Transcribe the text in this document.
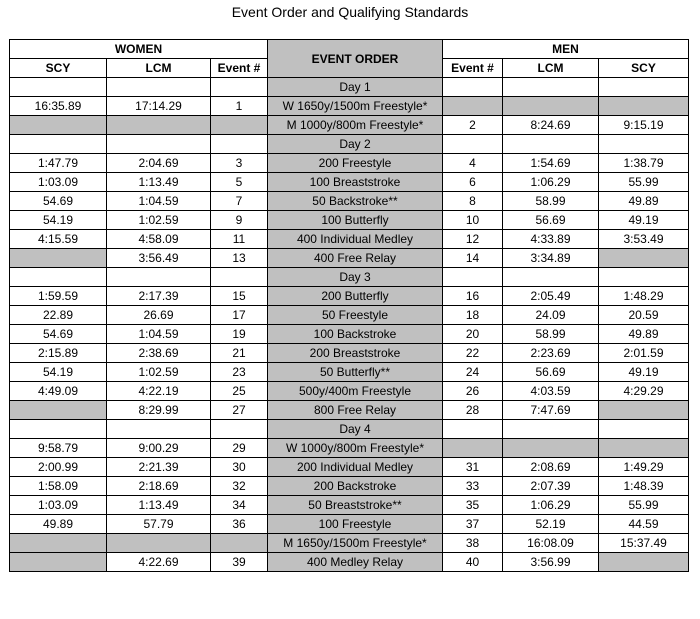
Event Order and Qualifying Standards
WOMEN			EVENT ORDER	MEN		
SCY	LCM	Event #		Event #	LCM	SCY
			Day 1			
16:35.89	17:14.29	1	W 1650y/1500m Freestyle*			
			M 1000y/800m Freestyle*	2	8:24.69	9:15.19
			Day 2			
1:47.79	2:04.69	3	200 Freestyle	4	1:54.69	1:38.79
1:03.09	1:13.49	5	100 Breaststroke	6	1:06.29	55.99
54.69	1:04.59	7	50 Backstroke**	8	58.99	49.89
54.19	1:02.59	9	100 Butterfly	10	56.69	49.19
4:15.59	4:58.09	11	400 Individual Medley	12	4:33.89	3:53.49
	3:56.49	13	400 Free Relay	14	3:34.89	
			Day 3			
1:59.59	2:17.39	15	200 Butterfly	16	2:05.49	1:48.29
22.89	26.69	17	50 Freestyle	18	24.09	20.59
54.69	1:04.59	19	100 Backstroke	20	58.99	49.89
2:15.89	2:38.69	21	200 Breaststroke	22	2:23.69	2:01.59
54.19	1:02.59	23	50 Butterfly**	24	56.69	49.19
4:49.09	4:22.19	25	500y/400m Freestyle	26	4:03.59	4:29.29
	8:29.99	27	800 Free Relay	28	7:47.69	
			Day 4			
9:58.79	9:00.29	29	W 1000y/800m Freestyle*			
2:00.99	2:21.39	30	200 Individual Medley	31	2:08.69	1:49.29
1:58.09	2:18.69	32	200 Backstroke	33	2:07.39	1:48.39
1:03.09	1:13.49	34	50 Breaststroke**	35	1:06.29	55.99
49.89	57.79	36	100 Freestyle	37	52.19	44.59
			M 1650y/1500m Freestyle*	38	16:08.09	15:37.49
	4:22.69	39	400 Medley Relay	40	3:56.99	
